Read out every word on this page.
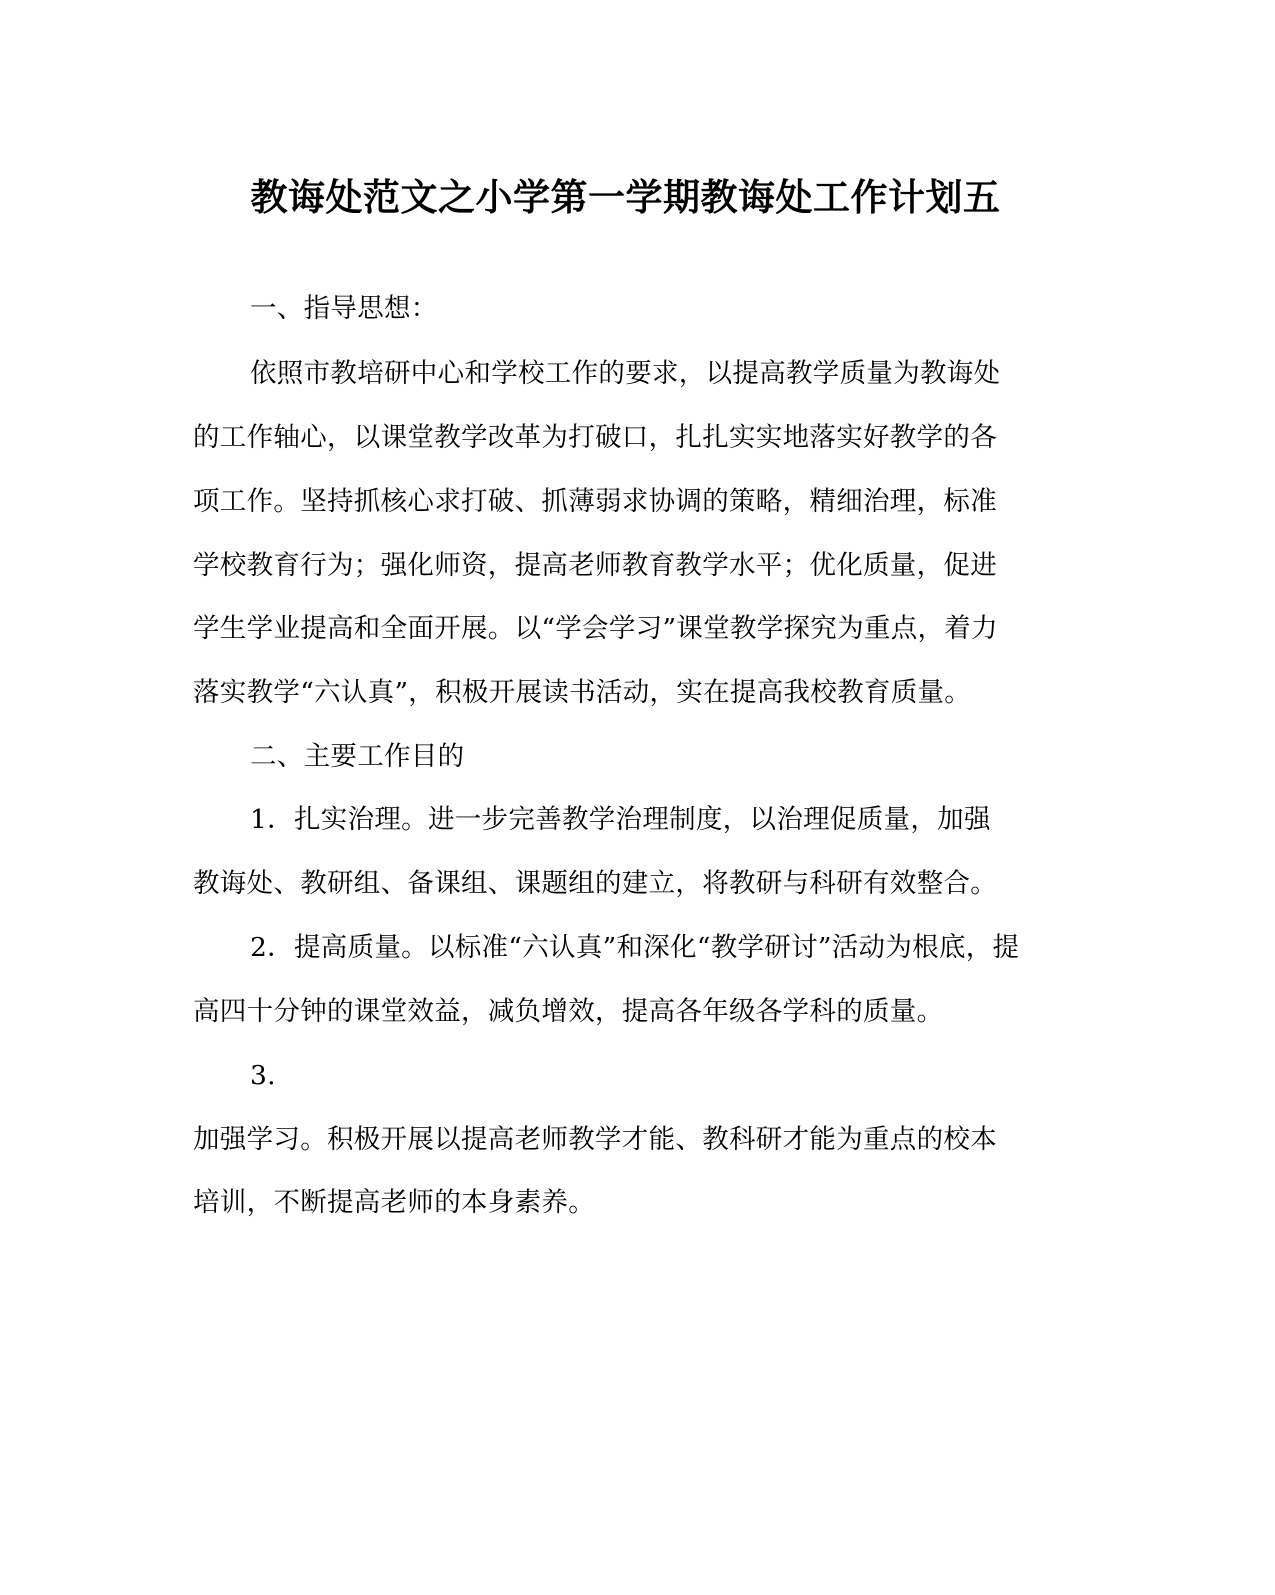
教诲处范文之小学第一学期教诲处工作计划五
一、指导思想：
依照市教培研中心和学校工作的要求，以提高教学质量为教诲处
的工作轴心，以课堂教学改革为打破口，扎扎实实地落实好教学的各
项工作。坚持抓核心求打破、抓薄弱求协调的策略，精细治理，标准
学校教育行为；强化师资，提高老师教育教学水平；优化质量，促进
学生学业提高和全面开展。以“学会学习”课堂教学探究为重点，着力
落实教学“六认真”，积极开展读书活动，实在提高我校教育质量。
二、主要工作目的
1．扎实治理。进一步完善教学治理制度，以治理促质量，加强
教诲处、教研组、备课组、课题组的建立，将教研与科研有效整合。
2．提高质量。以标准“六认真”和深化“教学研讨”活动为根底，提
高四十分钟的课堂效益，减负增效，提高各年级各学科的质量。
3.
加强学习。积极开展以提高老师教学才能、教科研才能为重点的校本
培训，不断提高老师的本身素养。
